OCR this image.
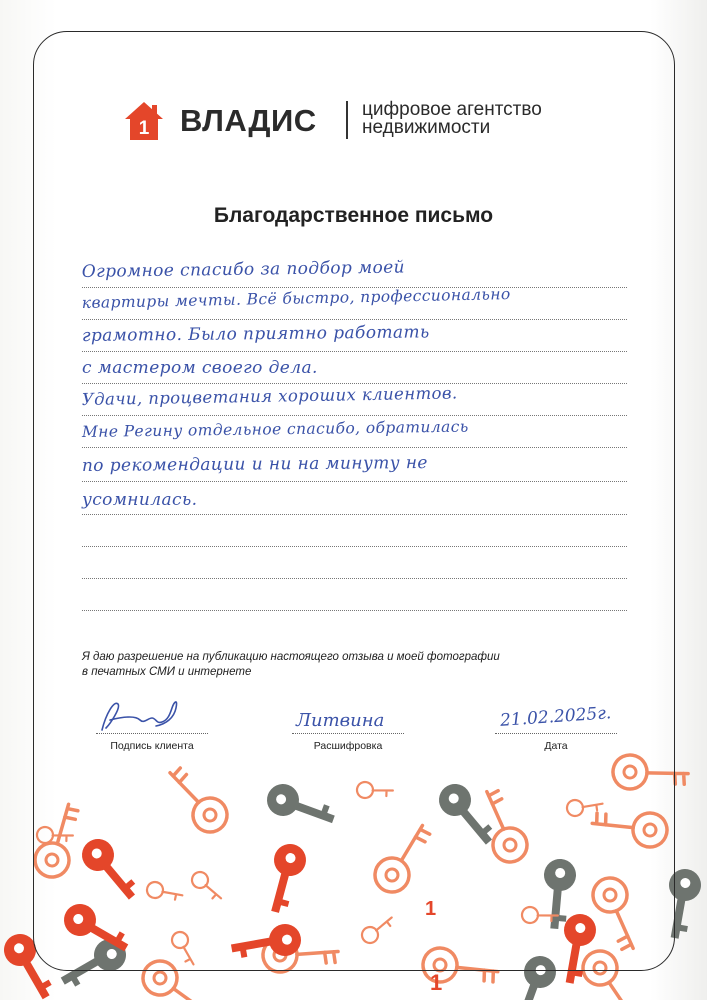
1
1
1 ВЛАДИС цифровое агентство
недвижимости
Благодарственное письмо
Огромное спасибо за подбор моей
квартиры мечты. Всё быстро, профессионально
грамотно. Было приятно работать
с мастером своего дела.
Удачи, процветания хороших клиентов.
Мне Регину отдельное спасибо, обратилась
по рекомендации и ни на минуту не
усомнилась.
Я даю разрешение на публикацию настоящего отзыва и моей фотографии
в печатных СМИ и интернете
Подпись клиента
Литвина
Расшифровка
21.02.2025г.
Дата
